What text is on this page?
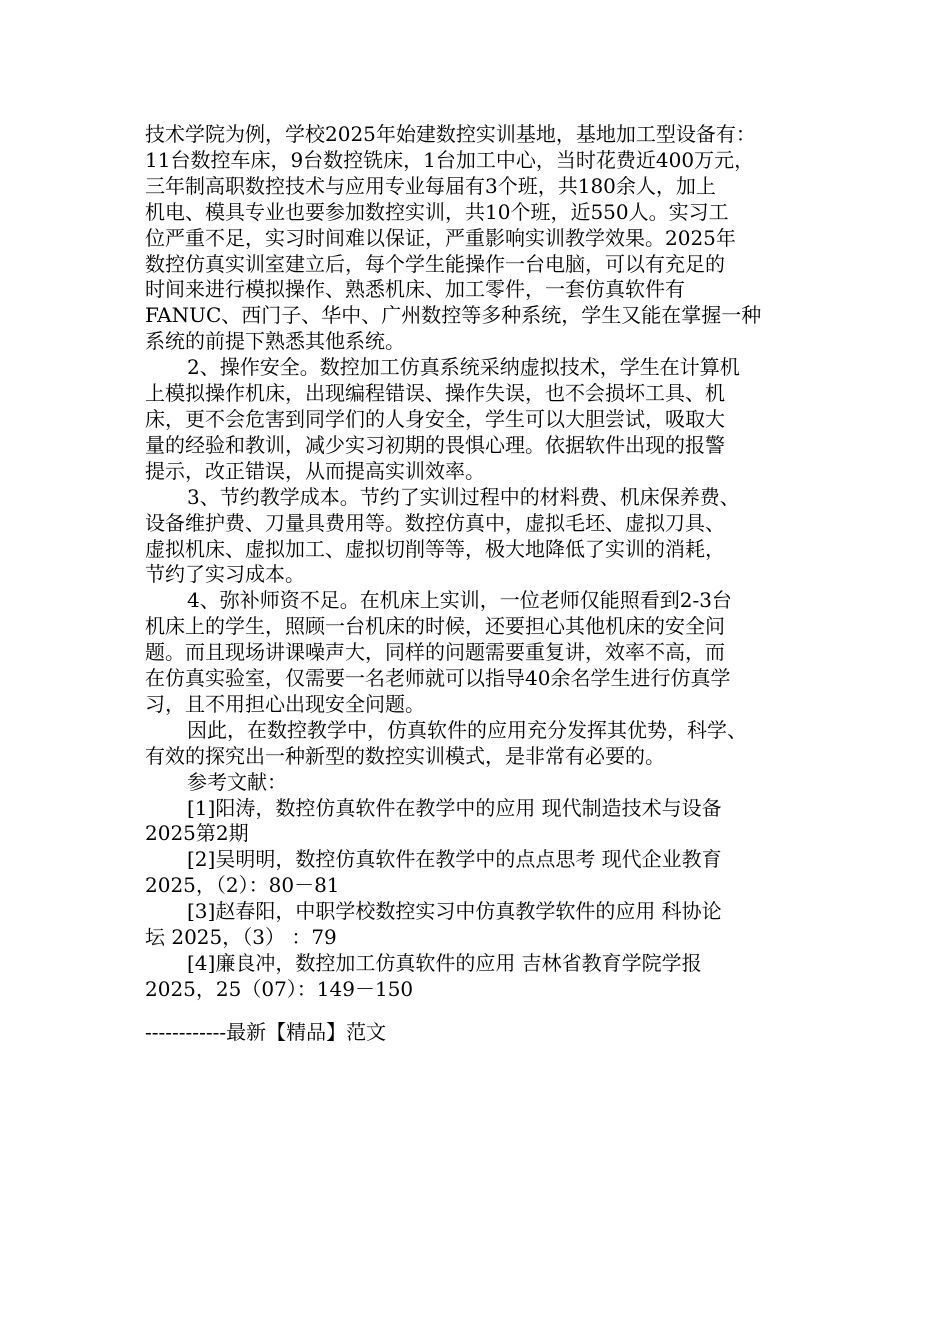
技术学院为例，学校2025年始建数控实训基地，基地加工型设备有：

11台数控车床，9台数控铣床，1台加工中心，当时花费近400万元，

三年制高职数控技术与应用专业每届有3个班，共180余人，加上

机电、模具专业也要参加数控实训，共10个班，近550人。实习工

位严重不足，实习时间难以保证，严重影响实训教学效果。2025年

数控仿真实训室建立后，每个学生能操作一台电脑，可以有充足的

时间来进行模拟操作、熟悉机床、加工零件，一套仿真软件有

FANUC、西门子、华中、广州数控等多种系统，学生又能在掌握一种

系统的前提下熟悉其他系统。

2、操作安全。数控加工仿真系统采纳虚拟技术，学生在计算机

上模拟操作机床，出现编程错误、操作失误，也不会损坏工具、机

床，更不会危害到同学们的人身安全，学生可以大胆尝试，吸取大

量的经验和教训，减少实习初期的畏惧心理。依据软件出现的报警

提示，改正错误，从而提高实训效率。

3、节约教学成本。节约了实训过程中的材料费、机床保养费、

设备维护费、刀量具费用等。数控仿真中，虚拟毛坯、虚拟刀具、

虚拟机床、虚拟加工、虚拟切削等等，极大地降低了实训的消耗，

节约了实习成本。

4、弥补师资不足。在机床上实训，一位老师仅能照看到2-3台

机床上的学生，照顾一台机床的时候，还要担心其他机床的安全问

题。而且现场讲课噪声大，同样的问题需要重复讲，效率不高，而

在仿真实验室，仅需要一名老师就可以指导40余名学生进行仿真学

习，且不用担心出现安全问题。

因此，在数控教学中，仿真软件的应用充分发挥其优势，科学、

有效的探究出一种新型的数控实训模式，是非常有必要的。

参考文献：

[1]阳涛，数控仿真软件在教学中的应用 现代制造技术与设备

2025第2期

[2]吴明明，数控仿真软件在教学中的点点思考 现代企业教育

2025，（2）：80－81

[3]赵春阳，中职学校数控实习中仿真教学软件的应用 科协论

坛 2025，（3） ：79

[4]廉良冲，数控加工仿真软件的应用 吉林省教育学院学报

2025，25（07）：149－150

------------最新【精品】范文
